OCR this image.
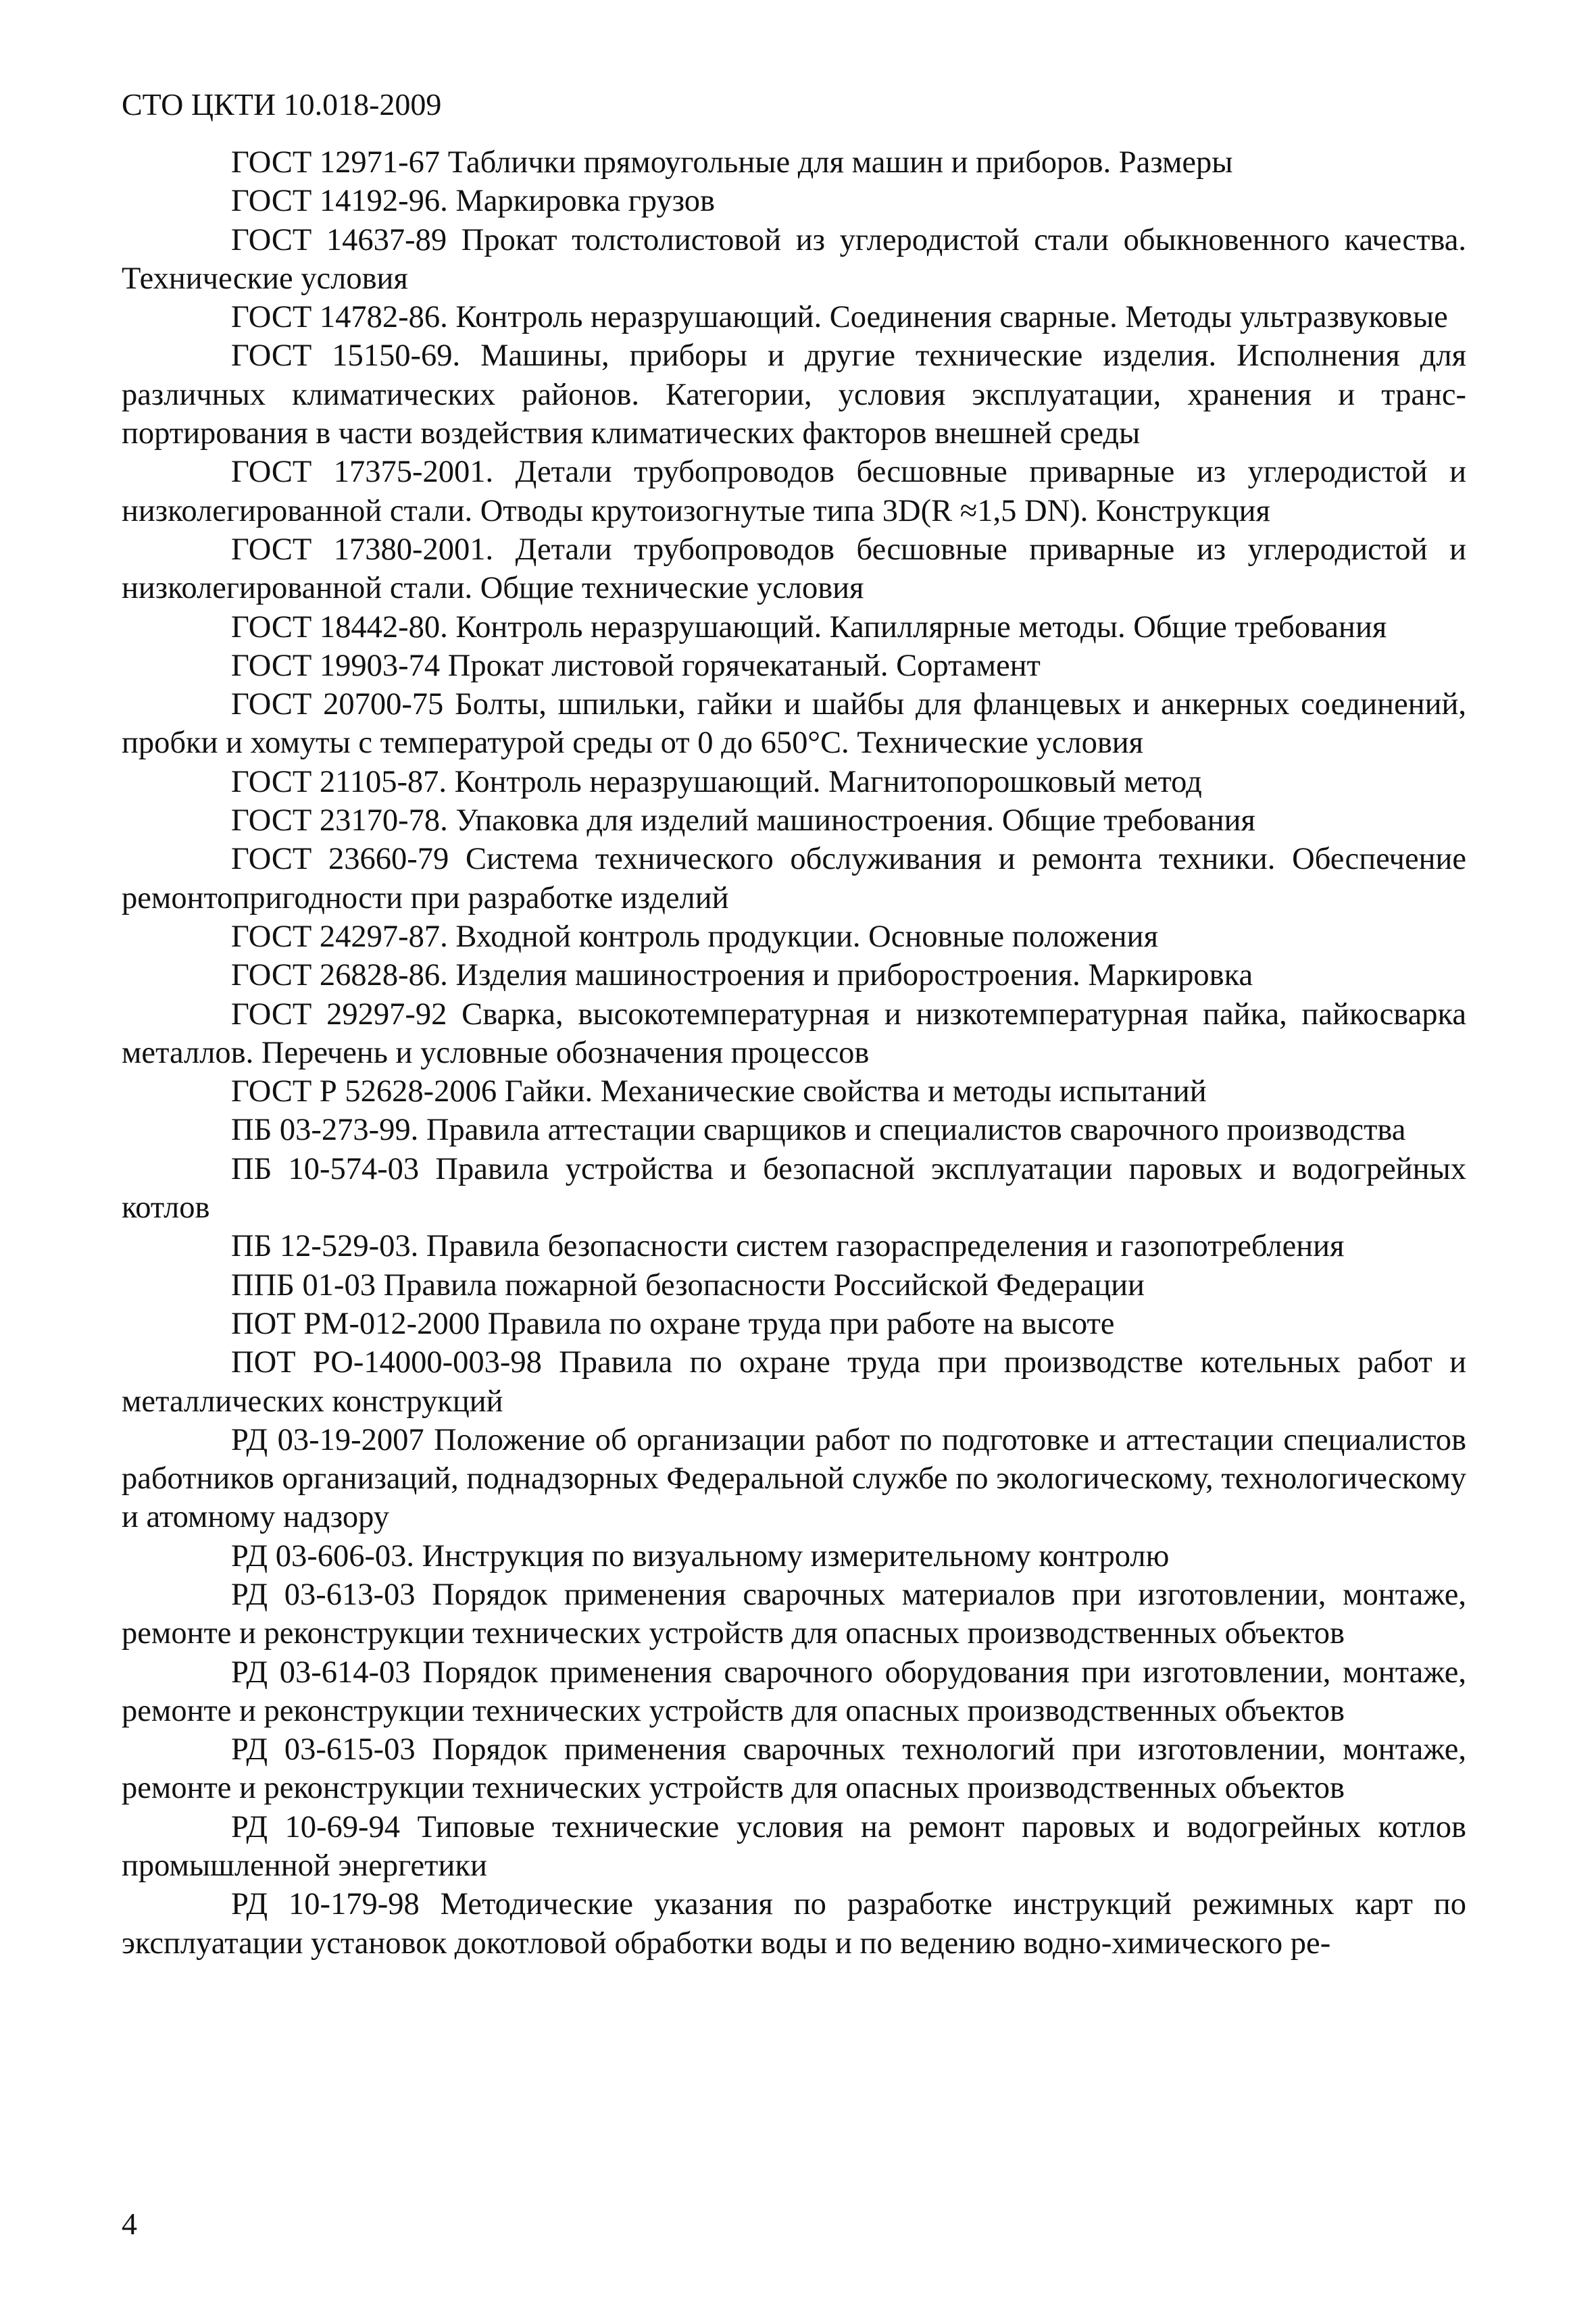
СТО ЦКТИ 10.018-2009
ГОСТ 12971-67 Таблички прямоугольные для машин и приборов. Размеры
ГОСТ 14192-96. Маркировка грузов
ГОСТ 14637-89 Прокат толстолистовой из углеродистой стали обыкновенного качества. Технические условия
ГОСТ 14782-86. Контроль неразрушающий. Соединения сварные. Методы ультразвуковые
ГОСТ 15150-69. Машины, приборы и другие технические изделия. Исполнения для различных климатических районов. Категории, условия эксплуатации, хранения и транспортирования в части воздействия климатических факторов внешней среды
ГОСТ 17375-2001. Детали трубопроводов бесшовные приварные из углеродистой и низколегированной стали. Отводы крутоизогнутые типа 3D(R ≈1,5 DN). Конструкция
ГОСТ 17380-2001. Детали трубопроводов бесшовные приварные из углеродистой и низколегированной стали. Общие технические условия
ГОСТ 18442-80. Контроль неразрушающий. Капиллярные методы. Общие требования
ГОСТ 19903-74 Прокат листовой горячекатаный. Сортамент
ГОСТ 20700-75 Болты, шпильки, гайки и шайбы для фланцевых и анкерных соединений, пробки и хомуты с температурой среды от 0 до 650°С. Технические условия
ГОСТ 21105-87. Контроль неразрушающий. Магнитопорошковый метод
ГОСТ 23170-78. Упаковка для изделий машиностроения. Общие требования
ГОСТ 23660-79 Система технического обслуживания и ремонта техники. Обеспечение ремонтопригодности при разработке изделий
ГОСТ 24297-87. Входной контроль продукции. Основные положения
ГОСТ 26828-86. Изделия машиностроения и приборостроения. Маркировка
ГОСТ 29297-92 Сварка, высокотемпературная и низкотемпературная пайка, пайкосварка металлов. Перечень и условные обозначения процессов
ГОСТ Р 52628-2006 Гайки. Механические свойства и методы испытаний
ПБ 03-273-99. Правила аттестации сварщиков и специалистов сварочного производства
ПБ 10-574-03 Правила устройства и безопасной эксплуатации паровых и водогрейных котлов
ПБ 12-529-03. Правила безопасности систем газораспределения и газопотребления
ППБ 01-03 Правила пожарной безопасности Российской Федерации
ПОТ РМ-012-2000 Правила по охране труда при работе на высоте
ПОТ РО-14000-003-98 Правила по охране труда при производстве котельных работ и металлических конструкций
РД 03-19-2007 Положение об организации работ по подготовке и аттестации специалистов работников организаций, поднадзорных Федеральной службе по экологическому, технологическому и атомному надзору
РД 03-606-03. Инструкция по визуальному измерительному контролю
РД 03-613-03 Порядок применения сварочных материалов при изготовлении, монтаже, ремонте и реконструкции технических устройств для опасных производственных объектов
РД 03-614-03 Порядок применения сварочного оборудования при изготовлении, монтаже, ремонте и реконструкции технических устройств для опасных производственных объектов
РД 03-615-03 Порядок применения сварочных технологий при изготовлении, монтаже, ремонте и реконструкции технических устройств для опасных производственных объектов
РД 10-69-94 Типовые технические условия на ремонт паровых и водогрейных котлов промышленной энергетики
РД 10-179-98 Методические указания по разработке инструкций режимных карт по эксплуатации установок докотловой обработки воды и по ведению водно-химического ре-
4
